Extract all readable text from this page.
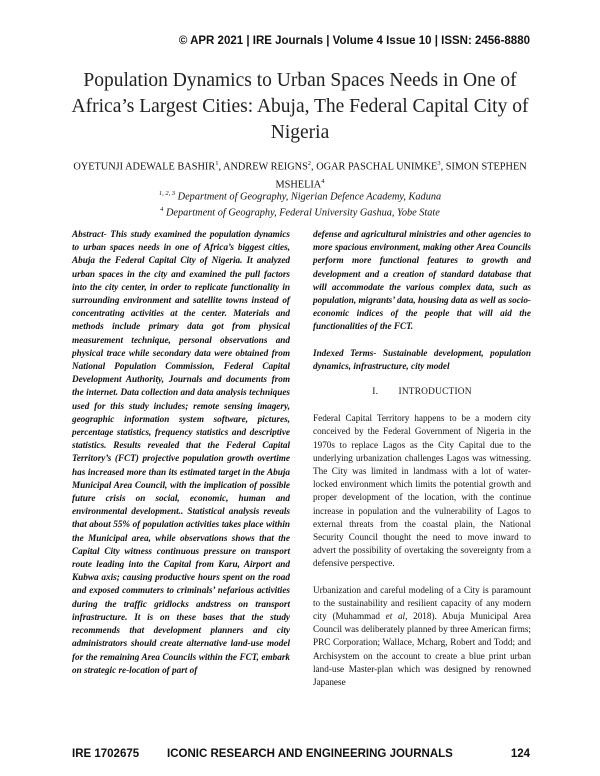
© APR 2021 | IRE Journals | Volume 4 Issue 10 | ISSN: 2456-8880
Population Dynamics to Urban Spaces Needs in One of Africa’s Largest Cities: Abuja, The Federal Capital City of Nigeria
OYETUNJI ADEWALE BASHIR$^1$, ANDREW REIGNS$^2$, OGAR PASCHAL UNIMKE$^3$, SIMON STEPHEN MSHELIA$^4$
$^{1, 2, 3}$ Department of Geography, Nigerian Defence Academy, Kaduna
$^4$ Department of Geography, Federal University Gashua, Yobe State

Abstract- This study examined the population dynamics to urban spaces needs in one of Africa’s biggest cities, Abuja the Federal Capital City of Nigeria. It analyzed urban spaces in the city and examined the pull factors into the city center, in order to replicate functionality in surrounding environment and satellite towns instead of concentrating activities at the center. Materials and methods include primary data got from physical measurement technique, personal observations and physical trace while secondary data were obtained from National Population Commission, Federal Capital Development Authority, Journals and documents from the internet. Data collection and data analysis techniques used for this study includes; remote sensing imagery, geographic information system software, pictures, percentage statistics, frequency statistics and descriptive statistics. Results revealed that the Federal Capital Territory’s (FCT) projective population growth overtime has increased more than its estimated target in the Abuja Municipal Area Council, with the implication of possible future crisis on social, economic, human and environmental development.. Statistical analysis reveals that about 55% of population activities takes place within the Municipal area, while observations shows that the Capital City witness continuous pressure on transport route leading into the Capital from Karu, Airport and Kubwa axis; causing productive hours spent on the road and exposed commuters to criminals’ nefarious activities during the traffic gridlocks andstress on transport infrastructure. It is on these bases that the study recommends that development planners and city administrators should create alternative land-use model for the remaining Area Councils within the FCT, embark on strategic re-location of part of

defense and agricultural ministries and other agencies to more spacious environment, making other Area Councils perform more functional features to growth and development and a creation of standard database that will accommodate the various complex data, such as population, migrants’ data, housing data as well as socio-economic indices of the people that will aid the functionalities of the FCT.

Indexed Terms- Sustainable development, population dynamics, infrastructure, city model

I. INTRODUCTION

Federal Capital Territory happens to be a modern city conceived by the Federal Government of Nigeria in the 1970s to replace Lagos as the City Capital due to the underlying urbanization challenges Lagos was witnessing. The City was limited in landmass with a lot of water-locked environment which limits the potential growth and proper development of the location, with the continue increase in population and the vulnerability of Lagos to external threats from the coastal plain, the National Security Council thought the need to move inward to advert the possibility of overtaking the sovereignty from a defensive perspective.

Urbanization and careful modeling of a City is paramount to the sustainability and resilient capacity of any modern city (Muhammad et al, 2018). Abuja Municipal Area Council was deliberately planned by three American firms; PRC Corporation; Wallace, Mcharg, Robert and Todd; and Archisystem on the account to create a blue print urban land-use Master-plan which was designed by renowned Japanese

IRE 1702675 ICONIC RESEARCH AND ENGINEERING JOURNALS	124
